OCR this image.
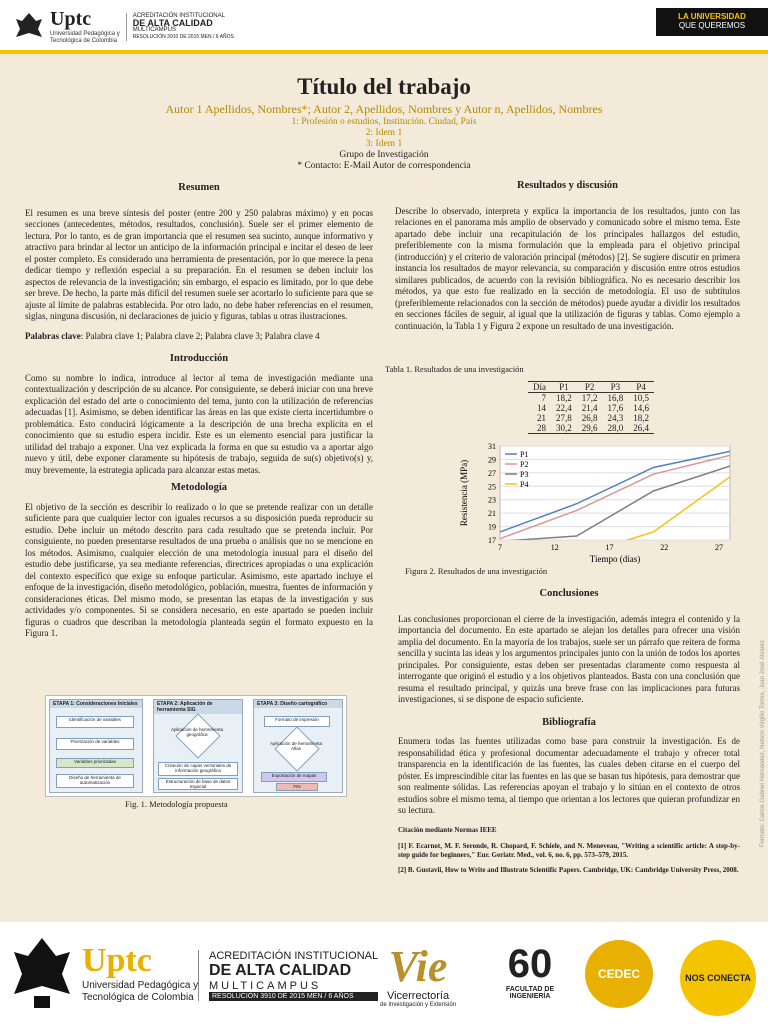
Uptc
Universidad Pedagógica y
Tecnológica de Colombia
ACREDITACIÓN INSTITUCIONAL
DE ALTA CALIDAD
MULTICAMPUS
RESOLUCIÓN 3910 DE 2015 MEN / 6 AÑOS
LA UNIVERSIDAD
QUE QUEREMOS
Título del trabajo
Autor 1 Apellidos, Nombres*; Autor 2, Apellidos, Nombres y Autor n, Apellidos, Nombres
1: Profesión o estudios, Institución. Ciudad, País
2: Idem 1
3: Idem 1
Grupo de Investigación
* Contacto: E-Mail Autor de correspondencia

Resumen

El resumen es una breve síntesis del poster (entre 200 y 250 palabras máximo) y en pocas secciones (antecedentes, métodos, resultados, conclusión). Suele ser el primer elemento de lectura. Por lo tanto, es de gran importancia que el resumen sea sucinto, aunque informativo y atractivo para brindar al lector un anticipo de la información principal e incitar el deseo de leer el poster completo. Es considerado una herramienta de presentación, por lo que merece la pena dedicar tiempo y reflexión especial a su preparación. En el resumen se deben incluir los aspectos de relevancia de la investigación; sin embargo, el espacio es limitado, por lo que debe ser breve. De hecho, la parte más difícil del resumen suele ser acortarlo lo suficiente para que se ajuste al límite de palabras establecida. Por otro lado, no debe haber referencias en el resumen, siglas, ninguna discusión, ni declaraciones de juicio y figuras, tablas u otras ilustraciones.

Palabras clave: Palabra clave 1; Palabra clave 2; Palabra clave 3; Palabra clave 4

Introducción

Como su nombre lo indica, introduce al lector al tema de investigación mediante una contextualización y descripción de su alcance. Por consiguiente, se deberá iniciar con una breve explicación del estado del arte o conocimiento del tema, junto con la utilización de referencias adecuadas [1]. Asimismo, se deben identificar las áreas en las que existe cierta incertidumbre o problemática. Esto conducirá lógicamente a la descripción de una brecha explícita en el conocimiento que su estudio espera incidir. Este es un elemento esencial para justificar la utilidad del trabajo a exponer. Una vez explicada la forma en que su estudio va a aportar algo nuevo y útil, debe exponer claramente su hipótesis de trabajo, seguida de su(s) objetivo(s) y, muy brevemente, la estrategia aplicada para alcanzar estas metas.

Metodología

El objetivo de la sección es describir lo realizado o lo que se pretende realizar con un detalle suficiente para que cualquier lector con iguales recursos a su disposición pueda reproducir su estudio. Debe incluir un método descrito para cada resultado que se pretenda incluir. Por consiguiente, no pueden presentarse resultados de una prueba o análisis que no se mencione en los métodos. Asimismo, cualquier elección de una metodología inusual para el diseño del estudio debe justificarse, ya sea mediante referencias, directrices apropiadas o una explicación del contexto específico que exige su enfoque particular. Asimismo, este apartado incluye el enfoque de la investigación, diseño metodológico, población, muestra, fuentes de información y consideraciones éticas. Del mismo modo, se presentan las etapas de la investigación y sus actividades y/o componentes. Si se considera necesario, en este apartado se pueden incluir figuras o cuadros que describan la metodología planteada según el formato expuesto en la Figura 1.

ETAPA 1: Consideraciones Iniciales	ETAPA 2: Aplicación de herramienta SIG
ETAPA 3: Diseño cartográfico
Identificación de variables
Priorización de variables
Variables priorizadas
Diseño de herramienta de automatización
Aplicación de herramienta geográfica
Creación de capas vectoriales de información geográfica
Estructuración de base de datos espacial
Formato de impresión
Aplicación de herramienta Atlas
Exportación de mapas
FIN
Fig. 1. Metodología propuesta

Resultados y discusión

Describe lo observado, interpreta y explica la importancia de los resultados, junto con las relaciones en el panorama más amplio de observado y comunicado sobre el mismo tema. Este apartado debe incluir una recapitulación de los principales hallazgos del estudio, preferiblemente con la misma formulación que la empleada para el objetivo principal (introducción) y el criterio de valoración principal (métodos) [2]. Se sugiere discutir en primera instancia los resultados de mayor relevancia, su comparación y discusión entre otros estudios similares publicados, de acuerdo con la revisión bibliográfica. No es necesario describir los métodos, ya que esto fue realizado en la sección de metodología. El uso de subtítulos (preferiblemente relacionados con la sección de métodos) puede ayudar a dividir los resultados en secciones fáciles de seguir, al igual que la utilización de figuras y tablas. Como ejemplo a continuación, la Tabla 1 y Figura 2 expone un resultado de una investigación.

Tabla 1. Resultados de una investigación
Día	P1	P2	P3	P4
7	18,2	17,2	16,8	10,5
14	22,4	21,4	17,6	14,6
21	27,8	26,8	24,3	18,2
28	30,2	29,6	28,0	26,4
17
19
21
23
25
27
29
31
7	12	17	22	27
Tiempo (días)
Resistencia (MPa)
P1
P2
P3
P4
Figura 2. Resultados de una investigación

Conclusiones

Las conclusiones proporcionan el cierre de la investigación, además integra el contenido y la importancia del documento. En este apartado se alejan los detalles para ofrecer una visión amplia del documento. En la mayoría de los trabajos, suele ser un párrafo que reitera de forma sencilla y sucinta las ideas y los argumentos principales junto con la unión de todos los aportes principales. Por consiguiente, estas deben ser presentadas claramente como respuesta al interrogante que originó el estudio y a los objetivos planteados. Basta con una conclusión que resuma el resultado principal, y quizás una breve frase con las implicaciones para futuras investigaciones, si se dispone de espacio suficiente.

Bibliografía

Enumera todas las fuentes utilizadas como base para construir la investigación. Es de responsabilidad ética y profesional documentar adecuadamente el trabajo y ofrecer total transparencia en la identificación de las fuentes, las cuales deben citarse en el cuerpo del póster. Es imprescindible citar las fuentes en las que se basan tus hipótesis, para demostrar que son realmente sólidas. Las referencias apoyan el trabajo y lo sitúan en el contexto de otros estudios sobre el mismo tema, al tiempo que orientan a los lectores que quieran profundizar en su lectura.

Citación mediante Normas IEEE

[1] F. Ecarnot, M. F. Seronde, R. Chopard, F. Schiele, and N. Meneveau, "Writing a scientific article: A step-by-step guide for beginners," Eur. Geriatr. Med., vol. 6, no. 6, pp. 573–579, 2015.

[2] B. Gustavii, How to Write and Illustrate Scientific Papers. Cambridge, UK: Cambridge University Press, 2008.

Formato: Carlos Gabriel Hernández, Nelson Virgilio Torres, Juan José Álvarez
Uptc
Universidad Pedagógica y
Tecnológica de Colombia
ACREDITACIÓN INSTITUCIONAL
DE ALTA CALIDAD
MULTICAMPUS
RESOLUCIÓN 3910 DE 2015 MEN / 6 AÑOS
Vie
Vicerrectoría
de Investigación y Extensión
60
FACULTAD DE INGENIERÍA
CEDEC	NOS CONECTA
